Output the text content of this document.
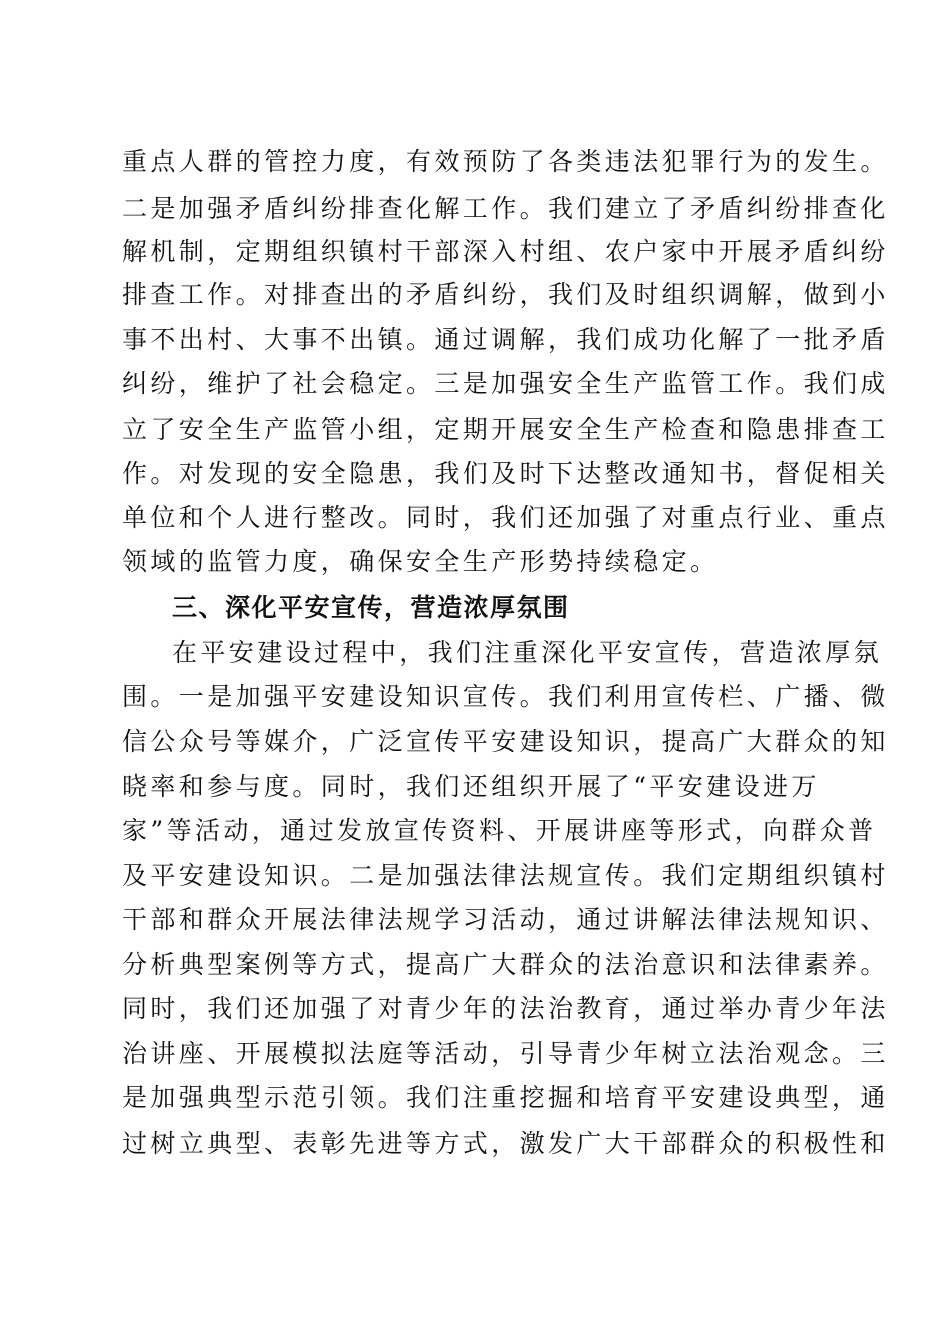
重点人群的管控力度，有效预防了各类违法犯罪行为的发生。
二是加强矛盾纠纷排查化解工作。我们建立了矛盾纠纷排查化
解机制，定期组织镇村干部深入村组、农户家中开展矛盾纠纷
排查工作。对排查出的矛盾纠纷，我们及时组织调解，做到小
事不出村、大事不出镇。通过调解，我们成功化解了一批矛盾
纠纷，维护了社会稳定。三是加强安全生产监管工作。我们成
立了安全生产监管小组，定期开展安全生产检查和隐患排查工
作。对发现的安全隐患，我们及时下达整改通知书，督促相关
单位和个人进行整改。同时，我们还加强了对重点行业、重点
领域的监管力度，确保安全生产形势持续稳定。
三、深化平安宣传，营造浓厚氛围
在平安建设过程中，我们注重深化平安宣传，营造浓厚氛
围。一是加强平安建设知识宣传。我们利用宣传栏、广播、微
信公众号等媒介，广泛宣传平安建设知识，提高广大群众的知
晓率和参与度。同时，我们还组织开展了“平安建设进万
家”等活动，通过发放宣传资料、开展讲座等形式，向群众普
及平安建设知识。二是加强法律法规宣传。我们定期组织镇村
干部和群众开展法律法规学习活动，通过讲解法律法规知识、
分析典型案例等方式，提高广大群众的法治意识和法律素养。
同时，我们还加强了对青少年的法治教育，通过举办青少年法
治讲座、开展模拟法庭等活动，引导青少年树立法治观念。三
是加强典型示范引领。我们注重挖掘和培育平安建设典型，通
过树立典型、表彰先进等方式，激发广大干部群众的积极性和
